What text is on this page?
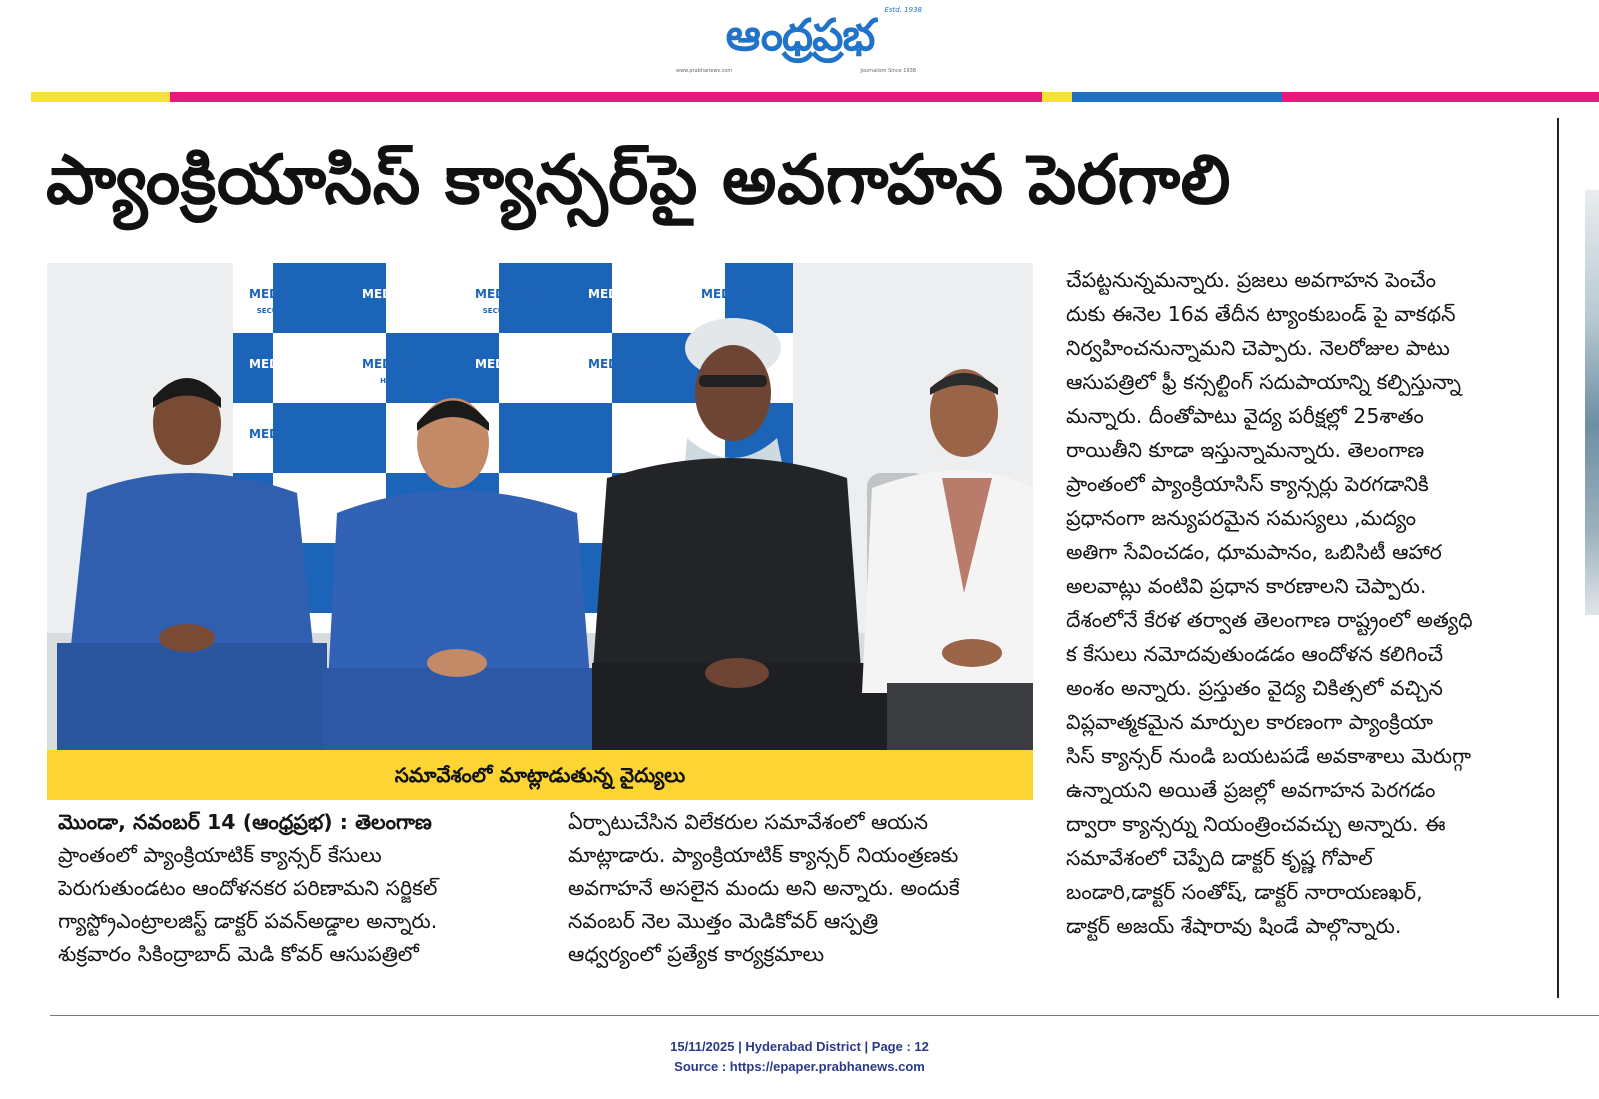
ఆంధ్రప్రభ	Estd. 1938
www.prabhanews.com	Journalism Since 1938
ప్యాంక్రియాసిస్ క్యాన్సర్‌పై అవగాహన పెరగాలి
MEDICOVER	MEDICOVER
MEDICOVER	MEDICOVER
MEDICOVER	MEDICOVER	MEDICOVER
MEDICOVER	MEDICOVER
MEDICOVER
SECUNDERABAD	SECUNDERABAD
HOSPITALS
సమావేశంలో మాట్లాడుతున్న వైద్యులు
చేపట్టనున్నమన్నారు. ప్రజలు అవగాహన పెంచేం
దుకు ఈనెల 16వ తేదీన ట్యాంకుబండ్ పై వాకథన్
నిర్వహించనున్నామని చెప్పారు. నెలరోజుల పాటు
ఆసుపత్రిలో ఫ్రీ కన్సల్టింగ్ సదుపాయాన్ని కల్పిస్తున్నా
మన్నారు. దీంతోపాటు వైద్య పరీక్షల్లో 25శాతం
రాయితీని కూడా ఇస్తున్నామన్నారు. తెలంగాణ
ప్రాంతంలో ప్యాంక్రియాసిస్ క్యాన్సర్లు పెరగడానికి
ప్రధానంగా జన్యుపరమైన సమస్యలు ,మద్యం
అతిగా సేవించడం, ధూమపానం, ఒబిసిటీ ఆహార
అలవాట్లు వంటివి ప్రధాన కారణాలని చెప్పారు.
దేశంలోనే కేరళ తర్వాత తెలంగాణ రాష్ట్రంలో అత్యధి
క కేసులు నమోదవుతుండడం ఆందోళన కలిగించే
అంశం అన్నారు. ప్రస్తుతం వైద్య చికిత్సలో వచ్చిన
విప్లవాత్మకమైన మార్పుల కారణంగా ప్యాంక్రియా
సిస్ క్యాన్సర్ నుండి బయటపడే అవకాశాలు మెరుగ్గా
ఉన్నాయని అయితే ప్రజల్లో అవగాహన పెరగడం
ద్వారా క్యాన్సర్ను నియంత్రించవచ్చు అన్నారు. ఈ
సమావేశంలో చెప్పేది డాక్టర్ కృష్ణ గోపాల్
బండారి,డాక్టర్ సంతోష్, డాక్టర్ నారాయణఖర్,
డాక్టర్ అజయ్ శేషారావు షిండే పాల్గొన్నారు.
మొండా, నవంబర్ 14 (ఆంధ్రప్రభ) : తెలంగాణ
ప్రాంతంలో ప్యాంక్రియాటిక్ క్యాన్సర్ కేసులు
పెరుగుతుండటం ఆందోళనకర పరిణామని సర్జికల్
గ్యాస్ట్రోఎంట్రాలజిస్ట్ డాక్టర్ పవన్అడ్డాల అన్నారు.
శుక్రవారం సికింద్రాబాద్ మెడి కోవర్ ఆసుపత్రిలో
ఏర్పాటుచేసిన విలేకరుల సమావేశంలో ఆయన
మాట్లాడారు. ప్యాంక్రియాటిక్ క్యాన్సర్ నియంత్రణకు
అవగాహనే అసలైన మందు అని అన్నారు. అందుకే
నవంబర్ నెల మొత్తం మెడికోవర్ ఆస్పత్రి
ఆధ్వర్యంలో ప్రత్యేక కార్యక్రమాలు
15/11/2025 | Hyderabad District | Page : 12
Source : https://epaper.prabhanews.com
